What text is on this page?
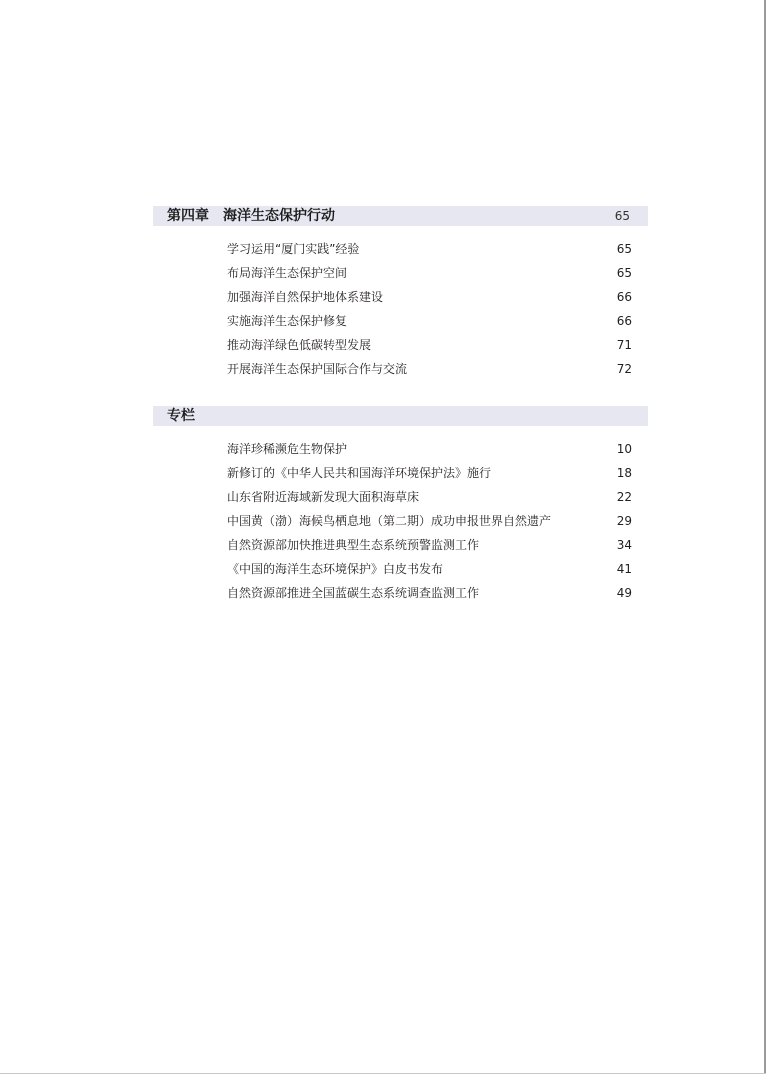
第四章 海洋生态保护行动	65
学习运用“厦门实践”经验	65
布局海洋生态保护空间	65
加强海洋自然保护地体系建设	66
实施海洋生态保护修复	66
推动海洋绿色低碳转型发展	71
开展海洋生态保护国际合作与交流	72
专栏
海洋珍稀濒危生物保护	10
新修订的《中华人民共和国海洋环境保护法》施行	18
山东省附近海域新发现大面积海草床	22
中国黄（渤）海候鸟栖息地（第二期）成功申报世界自然遗产	29
自然资源部加快推进典型生态系统预警监测工作	34
《中国的海洋生态环境保护》白皮书发布	41
自然资源部推进全国蓝碳生态系统调查监测工作	49
